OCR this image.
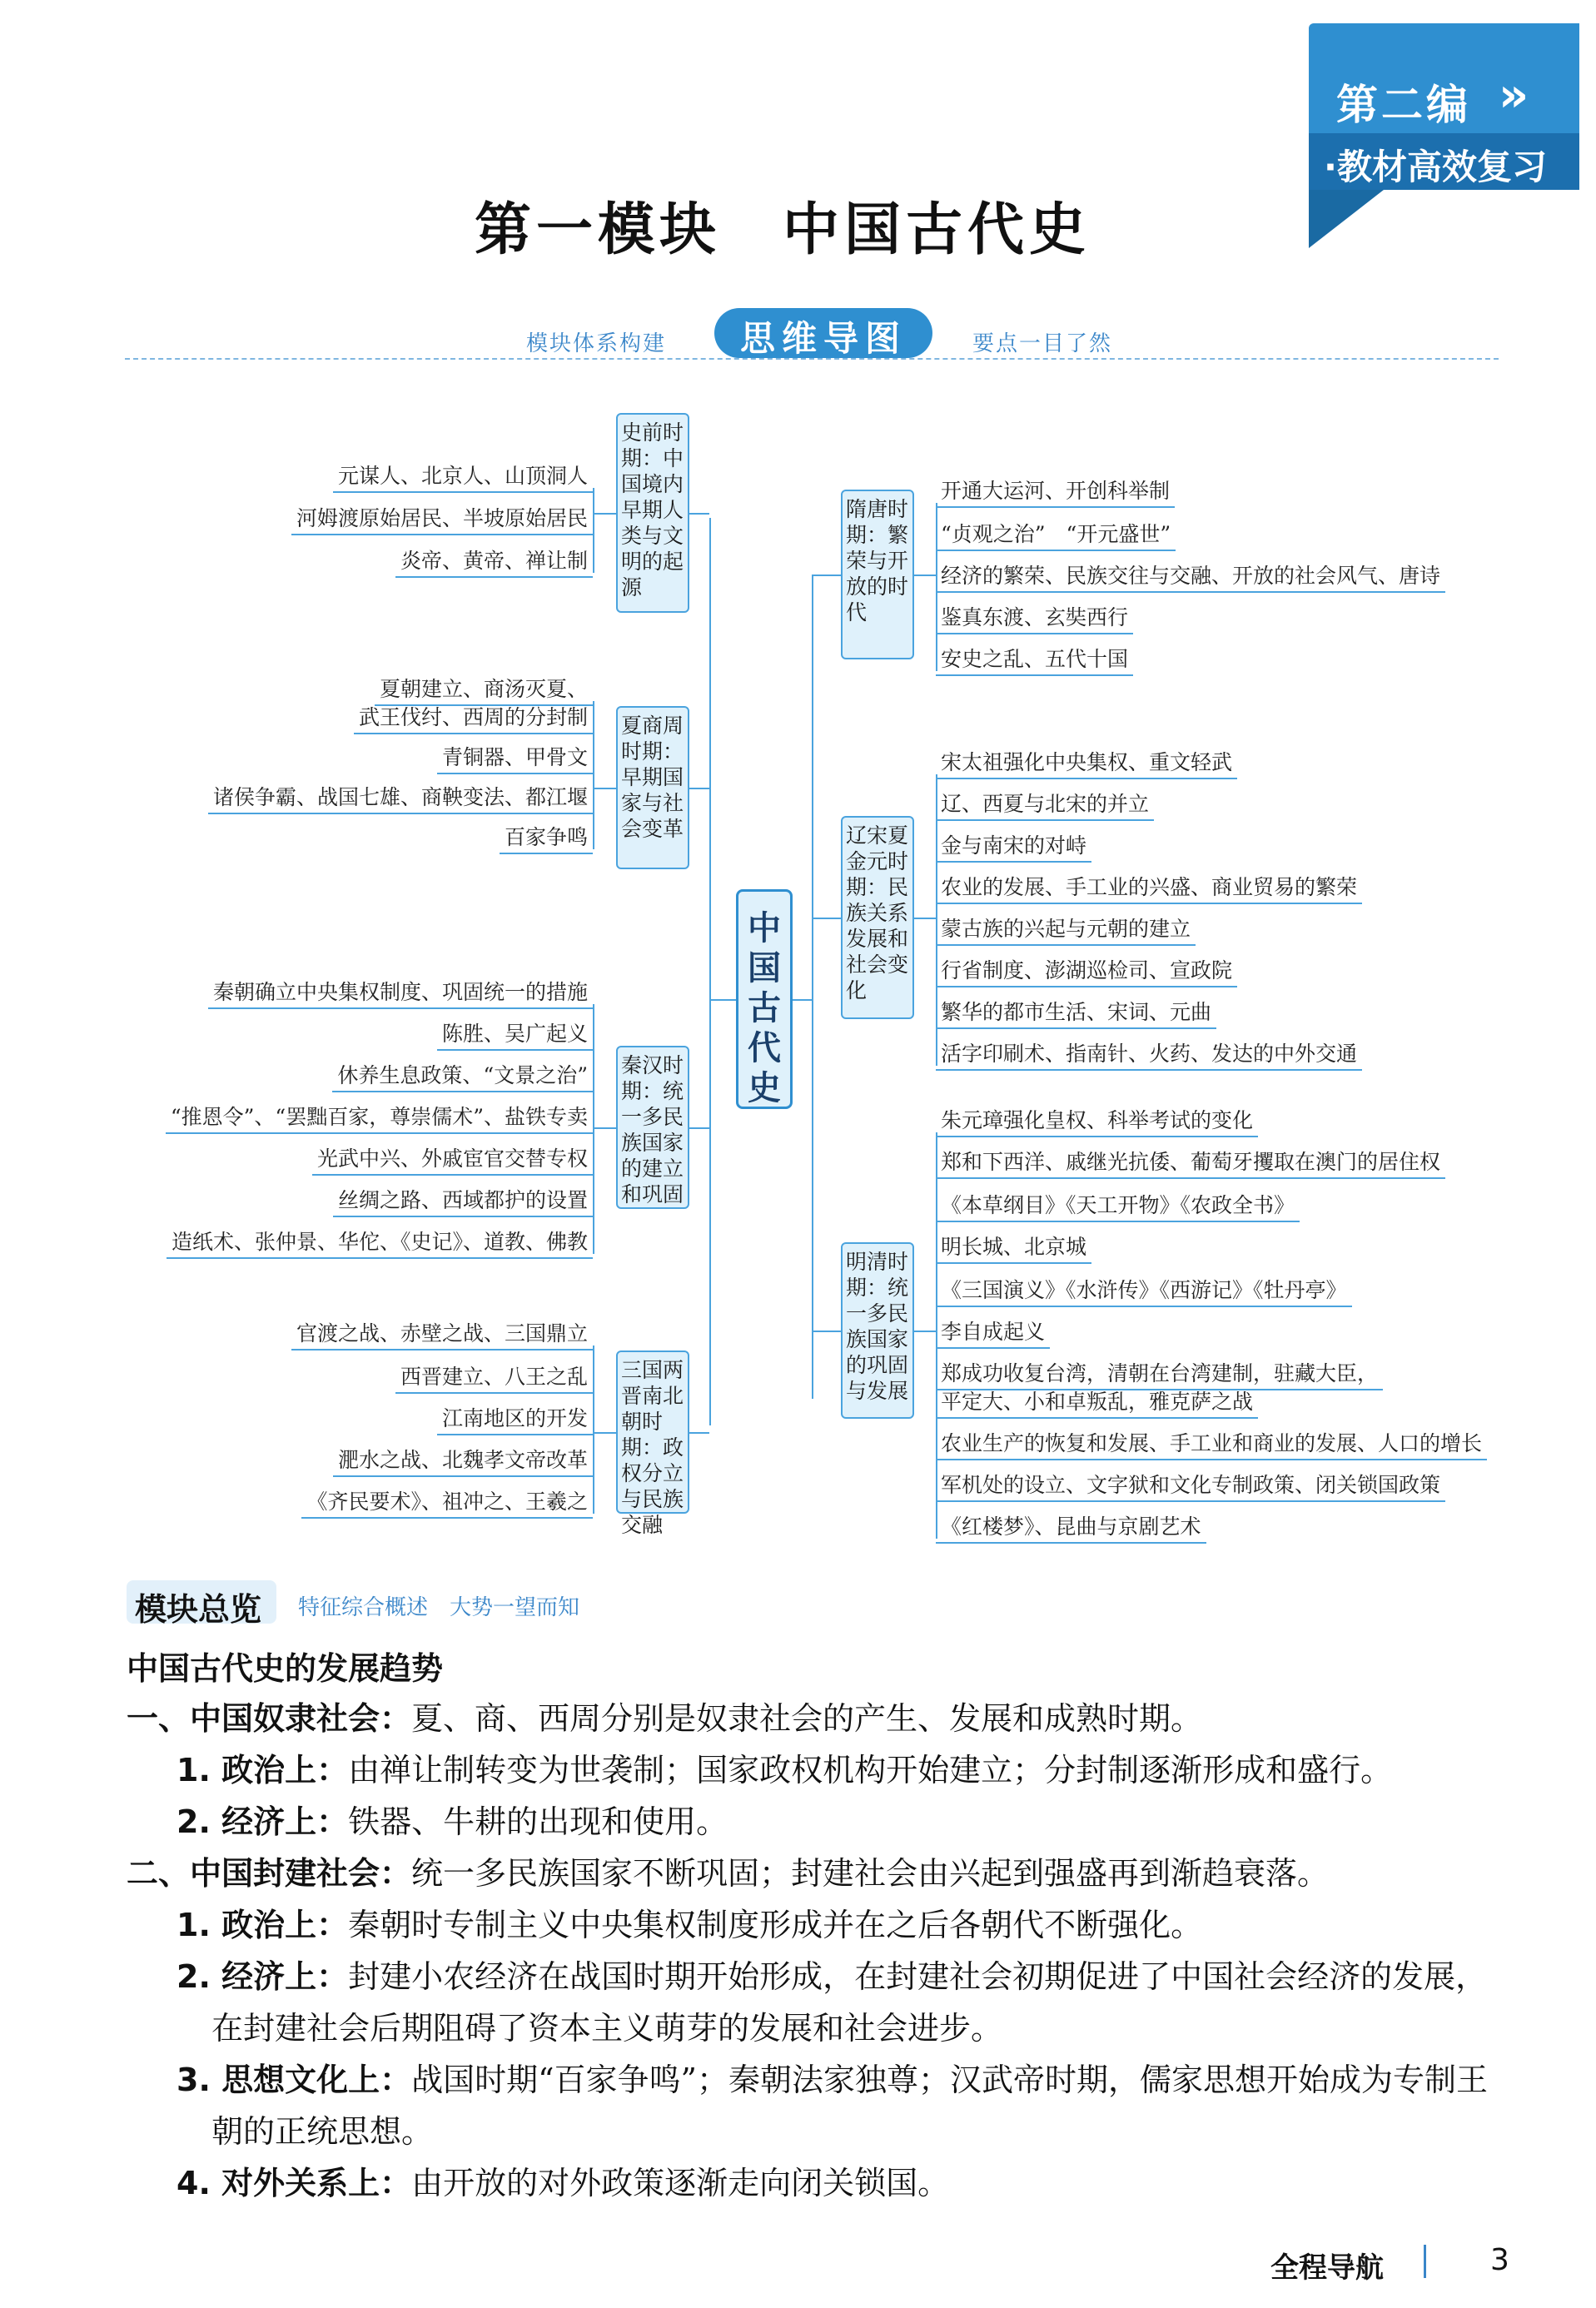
第二编 »
·教材高效复习
第一模块　中国古代史
模块体系构建	思维导图	要点一目了然
中国古代史
史前时期：中国境内早期人类与文明的起源
元谋人、北京人、山顶洞人
河姆渡原始居民、半坡原始居民
炎帝、黄帝、禅让制
夏商周时期：早期国家与社会变革
夏朝建立、商汤灭夏、
武王伐纣、西周的分封制
青铜器、甲骨文
诸侯争霸、战国七雄、商鞅变法、都江堰
百家争鸣
秦汉时期：统一多民族国家的建立和巩固
秦朝确立中央集权制度、巩固统一的措施
陈胜、吴广起义
休养生息政策、“文景之治”
“推恩令”、“罢黜百家，尊崇儒术”、盐铁专卖
光武中兴、外戚宦官交替专权
丝绸之路、西域都护的设置
造纸术、张仲景、华佗、《史记》、道教、佛教
三国两晋南北朝时期：政权分立与民族交融
官渡之战、赤壁之战、三国鼎立
西晋建立、八王之乱
江南地区的开发
淝水之战、北魏孝文帝改革
《齐民要术》、祖冲之、王羲之
隋唐时期：繁荣与开放的时代
开通大运河、开创科举制
“贞观之治”　“开元盛世”
经济的繁荣、民族交往与交融、开放的社会风气、唐诗
鉴真东渡、玄奘西行
安史之乱、五代十国
辽宋夏金元时期：民族关系发展和社会变化
宋太祖强化中央集权、重文轻武
辽、西夏与北宋的并立
金与南宋的对峙
农业的发展、手工业的兴盛、商业贸易的繁荣
蒙古族的兴起与元朝的建立
行省制度、澎湖巡检司、宣政院
繁华的都市生活、宋词、元曲
活字印刷术、指南针、火药、发达的中外交通
明清时期：统一多民族国家的巩固与发展
朱元璋强化皇权、科举考试的变化
郑和下西洋、戚继光抗倭、葡萄牙攫取在澳门的居住权
《本草纲目》《天工开物》《农政全书》
明长城、北京城
《三国演义》《水浒传》《西游记》《牡丹亭》
李自成起义
郑成功收复台湾，清朝在台湾建制，驻藏大臣，
平定大、小和卓叛乱，雅克萨之战
农业生产的恢复和发展、手工业和商业的发展、人口的增长
军机处的设立、文字狱和文化专制政策、闭关锁国政策
《红楼梦》、昆曲与京剧艺术
模块总览 特征综合概述　大势一望而知
中国古代史的发展趋势
一、中国奴隶社会：夏、商、西周分别是奴隶社会的产生、发展和成熟时期。
1. 政治上：由禅让制转变为世袭制；国家政权机构开始建立；分封制逐渐形成和盛行。
2. 经济上：铁器、牛耕的出现和使用。
二、中国封建社会：统一多民族国家不断巩固；封建社会由兴起到强盛再到渐趋衰落。
1. 政治上：秦朝时专制主义中央集权制度形成并在之后各朝代不断强化。
2. 经济上：封建小农经济在战国时期开始形成，在封建社会初期促进了中国社会经济的发展，
在封建社会后期阻碍了资本主义萌芽的发展和社会进步。
3. 思想文化上：战国时期“百家争鸣”；秦朝法家独尊；汉武帝时期，儒家思想开始成为专制王
朝的正统思想。
4. 对外关系上：由开放的对外政策逐渐走向闭关锁国。
全程导航	3
